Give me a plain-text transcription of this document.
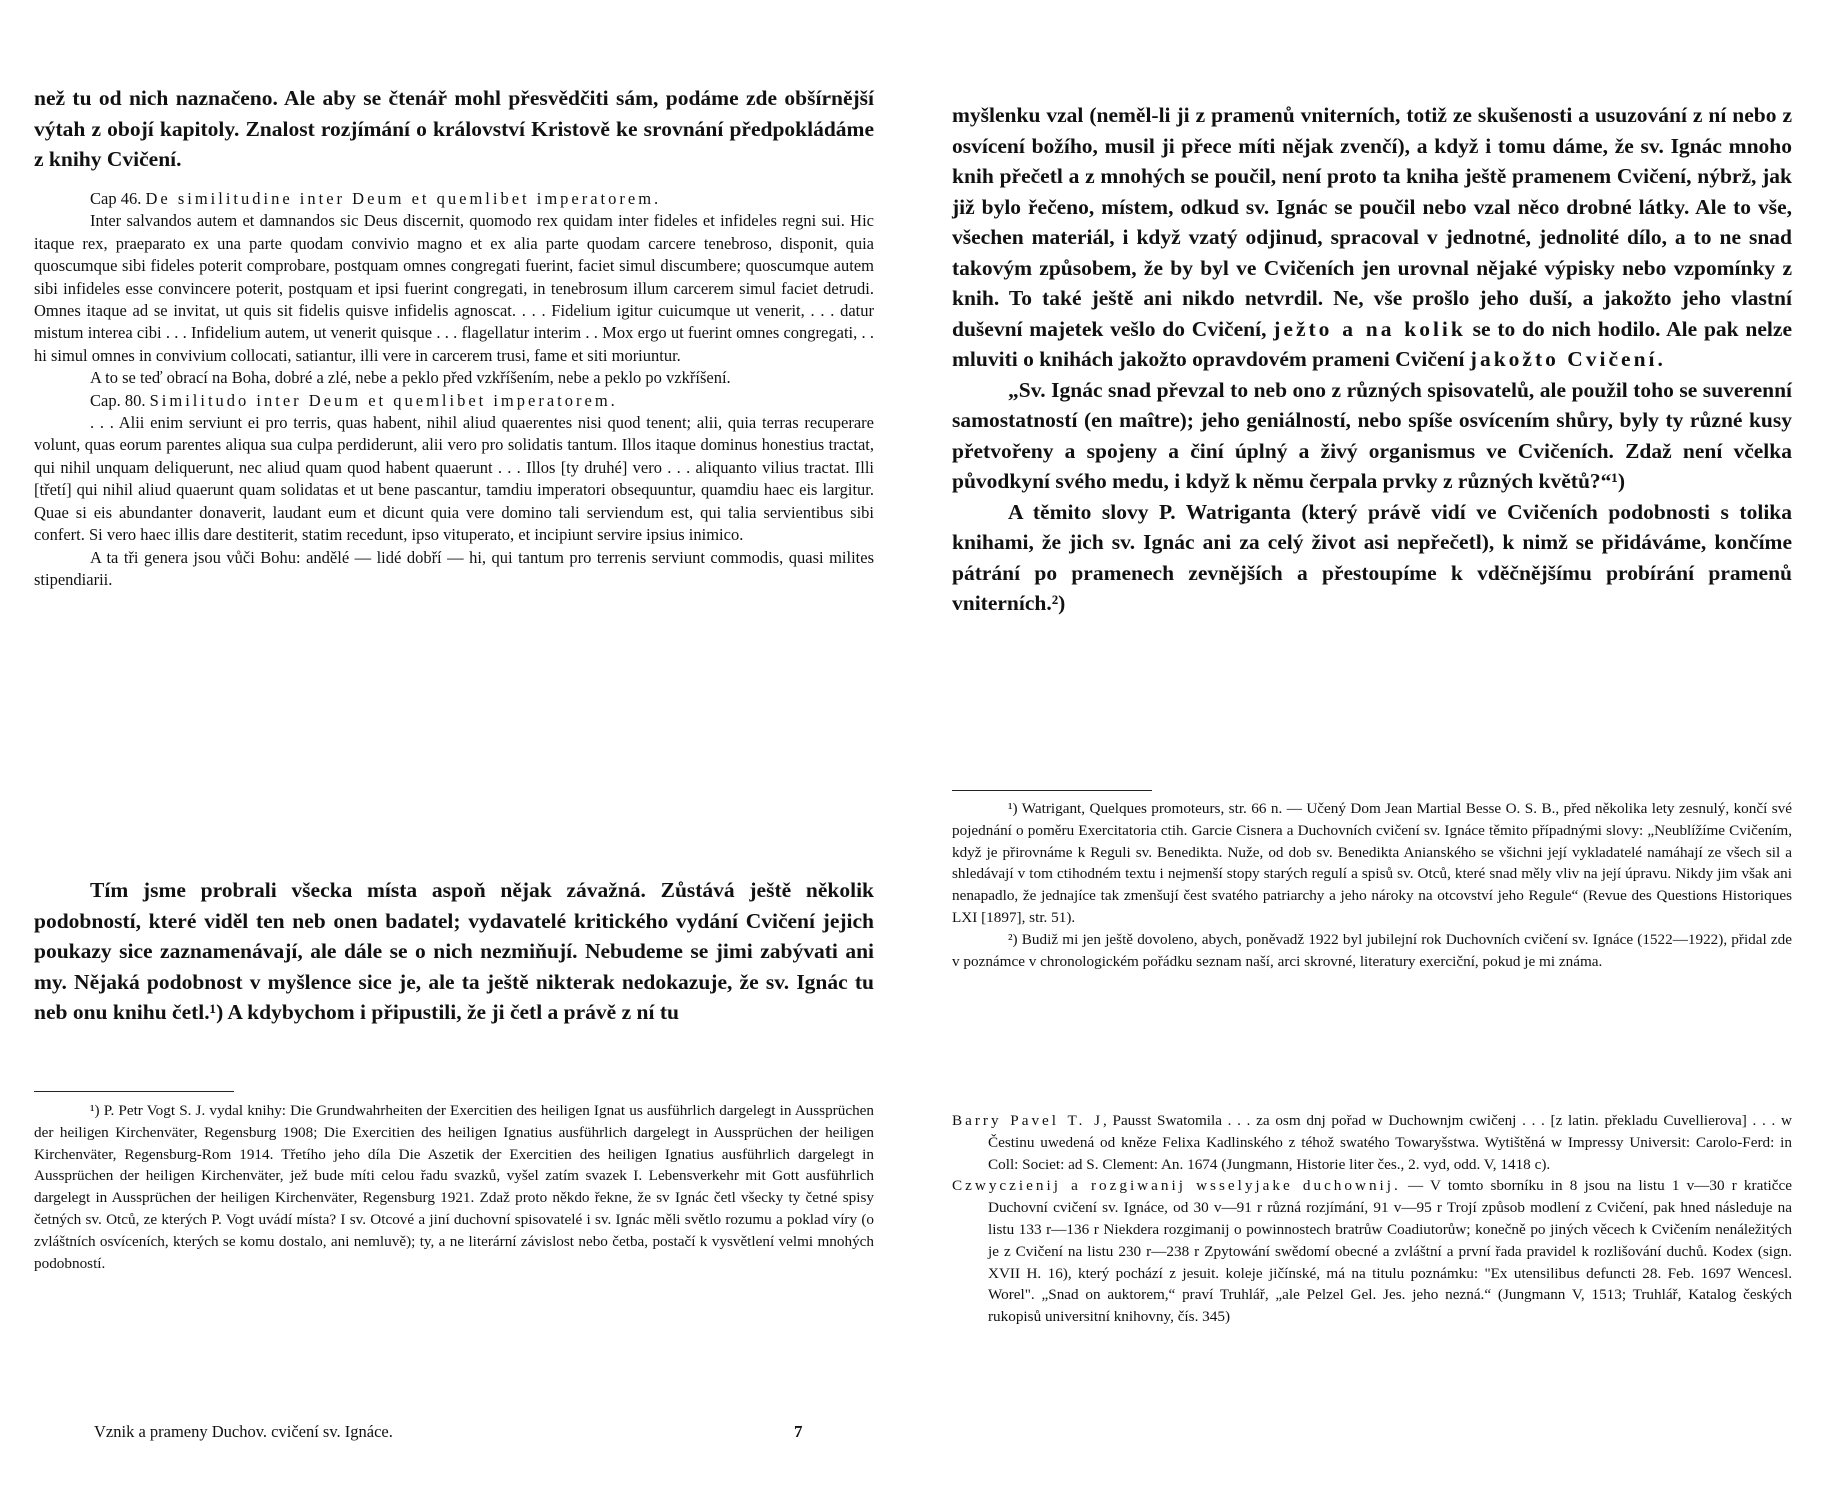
než tu od nich naznačeno. Ale aby se čtenář mohl přesvědčiti sám, podáme zde obšírnější výtah z obojí kapitoly. Znalost rozjímání o království Kristově ke srovnání předpokládáme z knihy Cvičení.

Cap 46. De similitudine inter Deum et quemlibet imperatorem.

Inter salvandos autem et damnandos sic Deus discernit, quomodo rex quidam inter fideles et infideles regni sui. Hic itaque rex, praeparato ex una parte quodam convivio magno et ex alia parte quodam carcere tenebroso, disponit, quia quoscumque sibi fideles poterit comprobare, postquam omnes congregati fuerint, faciet simul discumbere; quoscumque autem sibi infideles esse convincere poterit, postquam et ipsi fuerint congregati, in tenebrosum illum carcerem simul faciet detrudi. Omnes itaque ad se invitat, ut quis sit fidelis quisve infidelis agnoscat. . . . Fidelium igitur cuicumque ut venerit, . . . datur mistum interea cibi . . . Infidelium autem, ut venerit quisque . . . flagellatur interim . . Mox ergo ut fuerint omnes congregati, . . hi simul omnes in convivium collocati, satiantur, illi vere in carcerem trusi, fame et siti moriuntur.

A to se teď obrací na Boha, dobré a zlé, nebe a peklo před vzkříšením, nebe a peklo po vzkříšení.

Cap. 80. Similitudo inter Deum et quemlibet imperatorem.

. . . Alii enim serviunt ei pro terris, quas habent, nihil aliud quaerentes nisi quod tenent; alii, quia terras recuperare volunt, quas eorum parentes aliqua sua culpa perdiderunt, alii vero pro solidatis tantum. Illos itaque dominus honestius tractat, qui nihil unquam deliquerunt, nec aliud quam quod habent quaerunt . . . Illos [ty druhé] vero . . . aliquanto vilius tractat. Illi [třetí] qui nihil aliud quaerunt quam solidatas et ut bene pascantur, tamdiu imperatori obsequuntur, quamdiu haec eis largitur. Quae si eis abundanter donaverit, laudant eum et dicunt quia vere domino tali serviendum est, qui talia servientibus sibi confert. Si vero haec illis dare destiterit, statim recedunt, ipso vituperato, et incipiunt servire ipsius inimico.

A ta tři genera jsou vůči Bohu: andělé — lidé dobří — hi, qui tantum pro terrenis serviunt commodis, quasi milites stipendiarii.

Tím jsme probrali všecka místa aspoň nějak závažná. Zůstává ještě několik podobností, které viděl ten neb onen badatel; vydavatelé kritického vydání Cvičení jejich poukazy sice zaznamenávají, ale dále se o nich nezmiňují. Nebudeme se jimi zabývati ani my. Nějaká podobnost v myšlence sice je, ale ta ještě nikterak nedokazuje, že sv. Ignác tu neb onu knihu četl.¹) A kdybychom i připustili, že ji četl a právě z ní tu

¹) P. Petr Vogt S. J. vydal knihy: Die Grundwahrheiten der Exercitien des heiligen Ignat us ausführlich dargelegt in Aussprüchen der heiligen Kirchenväter, Regensburg 1908; Die Exercitien des heiligen Ignatius ausführlich dargelegt in Aussprüchen der heiligen Kirchenväter, Regensburg-Rom 1914. Třetího jeho díla Die Aszetik der Exercitien des heiligen Ignatius ausführlich dargelegt in Aussprüchen der heiligen Kirchenväter, jež bude míti celou řadu svazků, vyšel zatím svazek I. Lebensverkehr mit Gott ausführlich dargelegt in Aussprüchen der heiligen Kirchenväter, Regensburg 1921. Zdaž proto někdo řekne, že sv Ignác četl všecky ty četné spisy četných sv. Otců, ze kterých P. Vogt uvádí místa? I sv. Otcové a jiní duchovní spisovatelé i sv. Ignác měli světlo rozumu a poklad víry (o zvláštních osvíceních, kterých se komu dostalo, ani nemluvě); ty, a ne literární závislost nebo četba, postačí k vysvětlení velmi mnohých podobností.

Vznik a prameny Duchov. cvičení sv. Ignáce.	7

myšlenku vzal (neměl-li ji z pramenů vniterních, totiž ze skušenosti a usuzování z ní nebo z osvícení božího, musil ji přece míti nějak zvenčí), a když i tomu dáme, že sv. Ignác mnoho knih přečetl a z mnohých se poučil, není proto ta kniha ještě pramenem Cvičení, nýbrž, jak již bylo řečeno, místem, odkud sv. Ignác se poučil nebo vzal něco drobné látky. Ale to vše, všechen materiál, i když vzatý odjinud, spracoval v jednotné, jednolité dílo, a to ne snad takovým způsobem, že by byl ve Cvičeních jen urovnal nějaké výpisky nebo vzpomínky z knih. To také ještě ani nikdo netvrdil. Ne, vše prošlo jeho duší, a jakožto jeho vlastní duševní majetek vešlo do Cvičení, ježto a na kolik se to do nich hodilo. Ale pak nelze mluviti o knihách jakožto opravdovém prameni Cvičení jakožto Cvičení.

„Sv. Ignác snad převzal to neb ono z různých spisovatelů, ale použil toho se suverenní samostatností (en maître); jeho geniálností, nebo spíše osvícením shůry, byly ty různé kusy přetvořeny a spojeny a činí úplný a živý organismus ve Cvičeních. Zdaž není včelka původkyní svého medu, i když k němu čerpala prvky z různých květů?“¹)

A těmito slovy P. Watriganta (který právě vidí ve Cvičeních podobnosti s tolika knihami, že jich sv. Ignác ani za celý život asi nepřečetl), k nimž se přidáváme, končíme pátrání po pramenech zevnějších a přestoupíme k vděčnějšímu probírání pramenů vniterních.²)

¹) Watrigant, Quelques promoteurs, str. 66 n. — Učený Dom Jean Martial Besse O. S. B., před několika lety zesnulý, končí své pojednání o poměru Exercitatoria ctih. Garcie Cisnera a Duchovních cvičení sv. Ignáce těmito případnými slovy: „Neublížíme Cvičením, když je přirovnáme k Reguli sv. Benedikta. Nuže, od dob sv. Benedikta Anianského se všichni její vykladatelé namáhají ze všech sil a shledávají v tom ctihodném textu i nejmenší stopy starých regulí a spisů sv. Otců, které snad měly vliv na její úpravu. Nikdy jim však ani nenapadlo, že jednajíce tak zmenšují čest svatého patriarchy a jeho nároky na otcovství jeho Regule“ (Revue des Questions Historiques LXI [1897], str. 51).

²) Budiž mi jen ještě dovoleno, abych, poněvadž 1922 byl jubilejní rok Duchovních cvičení sv. Ignáce (1522—1922), přidal zde v poznámce v chronologickém pořádku seznam naší, arci skrovné, literatury exerciční, pokud je mi známa.

Barry Pavel T. J, Pausst Swatomila . . . za osm dnj pořad w Duchownjm cwičenj . . . [z latin. překladu Cuvellierova] . . . w Čestinu uwedená od kněze Felixa Kadlinského z téhož swatého Towaryšstwa. Wytištěná w Impressy Universit: Carolo-Ferd: in Coll: Societ: ad S. Clement: An. 1674 (Jungmann, Historie liter čes., 2. vyd, odd. V, 1418 c).

Czwyczienij a rozgiwanij wsselyjake duchownij. — V tomto sborníku in 8 jsou na listu 1 v—30 r kratičce Duchovní cvičení sv. Ignáce, od 30 v—91 r různá rozjímání, 91 v—95 r Trojí způsob modlení z Cvičení, pak hned následuje na listu 133 r—136 r Niekdera rozgimanij o powinnostech bratrůw Coadiutorůw; konečně po jiných věcech k Cvičením nenáležitých je z Cvičení na listu 230 r—238 r Zpytowání swědomí obecné a zvláštní a první řada pravidel k rozlišování duchů. Kodex (sign. XVII H. 16), který pochází z jesuit. koleje jičínské, má na titulu poznámku: "Ex utensilibus defuncti 28. Feb. 1697 Wencesl. Worel". „Snad on auktorem,“ praví Truhlář, „ale Pelzel Gel. Jes. jeho nezná.“ (Jungmann V, 1513; Truhlář, Katalog českých rukopisů universitní knihovny, čís. 345)
